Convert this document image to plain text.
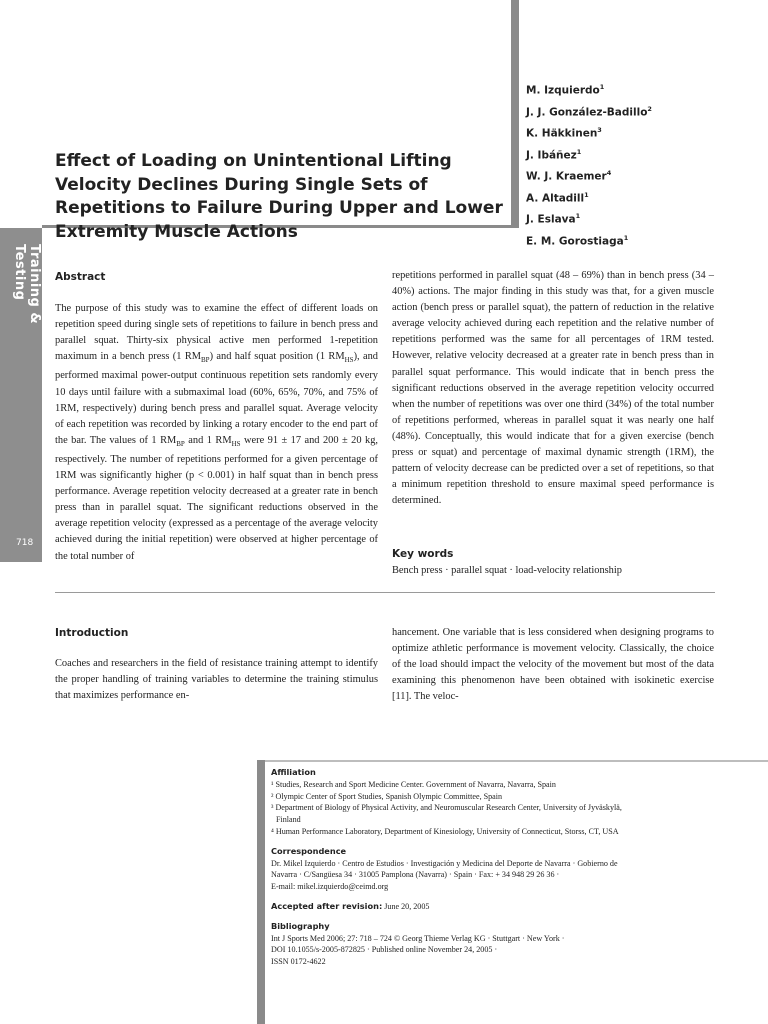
Training & Testing
718
M. Izquierdo$^1$
J. J. González-Badillo$^2$
K. Häkkinen$^3$
J. Ibáñez$^1$
W. J. Kraemer$^4$
A. Altadill$^1$
J. Eslava$^1$
E. M. Gorostiaga$^1$
Effect of Loading on Unintentional Lifting Velocity Declines During Single Sets of Repetitions to Failure During Upper and Lower Extremity Muscle Actions
Abstract

The purpose of this study was to examine the effect of different loads on repetition speed during single sets of repetitions to failure in bench press and parallel squat. Thirty-six physical active men performed 1-repetition maximum in a bench press (1 $RM_{BP}$) and half squat position (1 $RM_{HS}$), and performed maximal power-output continuous repetition sets randomly every 10 days until failure with a submaximal load (60%, 65%, 70%, and 75% of 1RM, respectively) during bench press and parallel squat. Average velocity of each repetition was recorded by linking a rotary encoder to the end part of the bar. The values of 1 $RM_{BP}$ and 1 $RM_{HS}$ were 91 ± 17 and 200 ± 20 kg, respectively. The number of repetitions performed for a given percentage of 1RM was significantly higher (p < 0.001) in half squat than in bench press performance. Average repetition velocity decreased at a greater rate in bench press than in parallel squat. The significant reductions observed in the average repetition velocity (expressed as a percentage of the average velocity achieved during the initial repetition) were observed at higher percentage of the total number of

repetitions performed in parallel squat (48 – 69%) than in bench press (34 – 40%) actions. The major finding in this study was that, for a given muscle action (bench press or parallel squat), the pattern of reduction in the relative average velocity achieved during each repetition and the relative number of repetitions performed was the same for all percentages of 1RM tested. However, relative velocity decreased at a greater rate in bench press than in parallel squat performance. This would indicate that in bench press the significant reductions observed in the average repetition velocity occurred when the number of repetitions was over one third (34%) of the total number of repetitions performed, whereas in parallel squat it was nearly one half (48%). Conceptually, this would indicate that for a given exercise (bench press or squat) and percentage of maximal dynamic strength (1RM), the pattern of velocity decrease can be predicted over a set of repetitions, so that a minimum repetition threshold to ensure maximal speed performance is determined.

Key words
Bench press · parallel squat · load-velocity relationship
Introduction

Coaches and researchers in the field of resistance training attempt to identify the proper handling of training variables to determine the training stimulus that maximizes performance en-

hancement. One variable that is less considered when designing programs to optimize athletic performance is movement velocity. Classically, the choice of the load should impact the velocity of the movement but most of the data examining this phenomenon have been obtained with isokinetic exercise [11]. The veloc-

Affiliation
¹ Studies, Research and Sport Medicine Center. Government of Navarra, Navarra, Spain
² Olympic Center of Sport Studies, Spanish Olympic Committee, Spain
³ Department of Biology of Physical Activity, and Neuromuscular Research Center, University of Jyväskylä,
Finland
⁴ Human Performance Laboratory, Department of Kinesiology, University of Connecticut, Storss, CT, USA
Correspondence
Dr. Mikel Izquierdo · Centro de Estudios · Investigación y Medicina del Deporte de Navarra · Gobierno de
Navarra · C/Sangüesa 34 · 31005 Pamplona (Navarra) · Spain · Fax: + 34 948 29 26 36 ·
E-mail: mikel.izquierdo@ceimd.org
Accepted after revision: June 20, 2005
Bibliography
Int J Sports Med 2006; 27: 718 – 724 © Georg Thieme Verlag KG · Stuttgart · New York ·
DOI 10.1055/s-2005-872825 · Published online November 24, 2005 ·
ISSN 0172-4622
